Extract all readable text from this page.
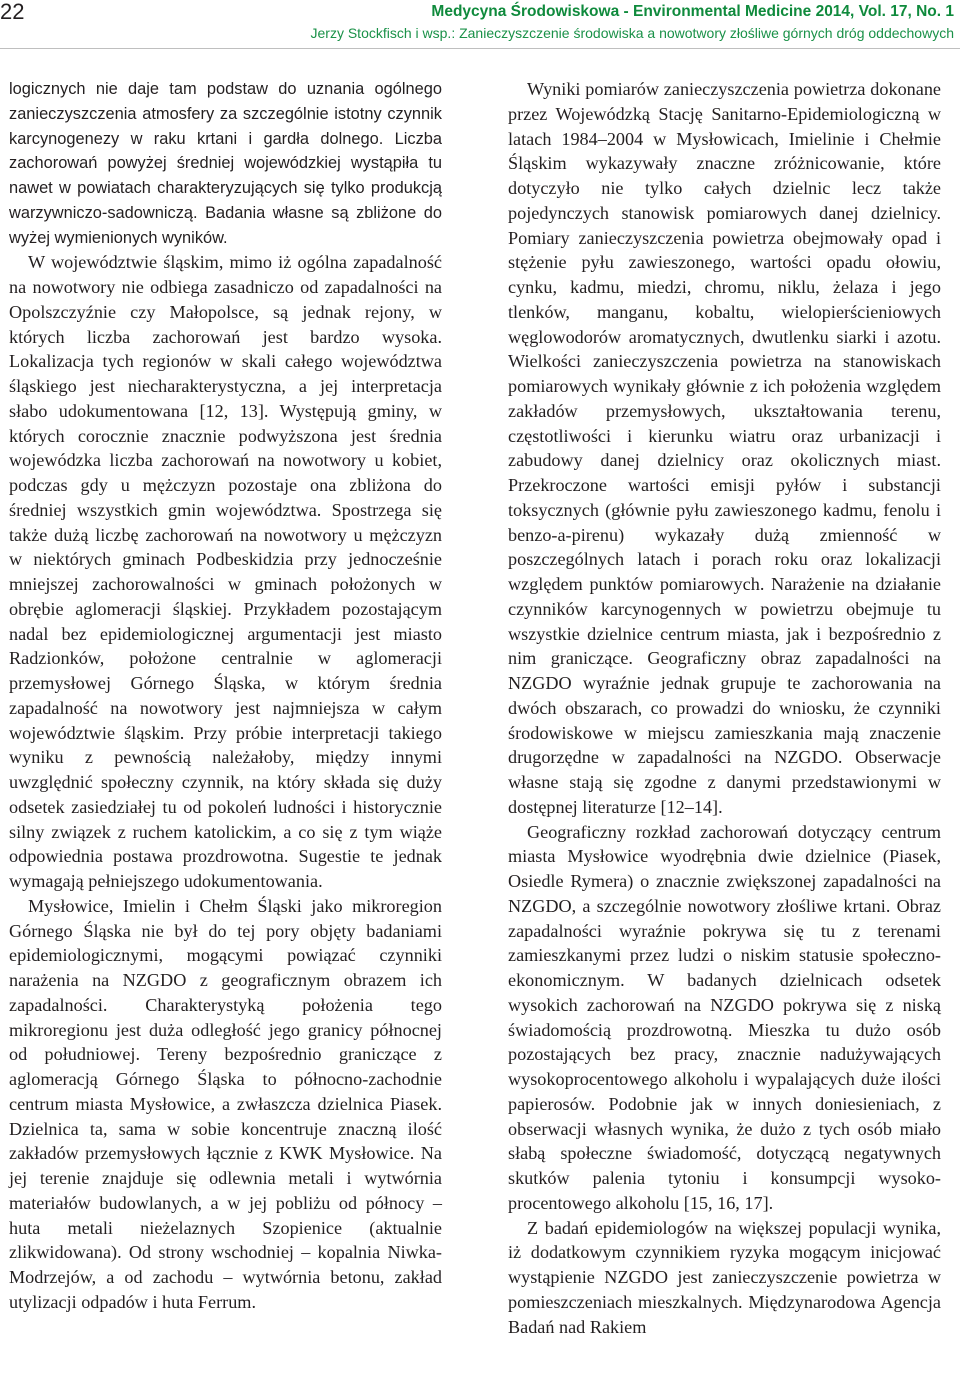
22	Medycyna Środowiskowa - Environmental Medicine 2014, Vol. 17, No. 1
Jerzy Stockfisch i wsp.: Zanieczyszczenie środowiska a nowotwory złośliwe górnych dróg oddechowych

logicznych nie daje tam podstaw do uznania ogólnego zanieczyszczenia atmosfery za szczególnie istotny czynnik karcynogenezy w raku krtani i gardła dolnego. Liczba zachorowań powyżej średniej wojewódzkiej wystąpiła tu nawet w powiatach charakteryzujących się tylko produkcją warzywniczo-sadowniczą. Badania własne są zbliżone do wyżej wymienionych wyników.

W województwie śląskim, mimo iż ogólna zapadalność na nowotwory nie odbiega zasadniczo od zapadalności na Opolszczyźnie czy Małopolsce, są jednak rejony, w których liczba zachorowań jest bardzo wysoka. Lokalizacja tych regionów w skali całego województwa śląskiego jest niecharakterystyczna, a jej interpretacja słabo udokumentowana [12, 13]. Występują gminy, w których corocznie znacznie podwyższona jest średnia wojewódzka liczba zachorowań na nowotwory u kobiet, podczas gdy u mężczyzn pozostaje ona zbliżona do średniej wszystkich gmin województwa. Spostrzega się także dużą liczbę zachorowań na nowotwory u mężczyzn w niektórych gminach Podbeskidzia przy jednocześnie mniejszej zachorowalności w gminach położonych w obrębie aglomeracji śląskiej. Przykładem pozostającym nadal bez epidemiologicznej argumentacji jest miasto Radzionków, położone centralnie w aglomeracji przemysłowej Górnego Śląska, w którym średnia zapadalność na nowotwory jest najmniejsza w całym województwie śląskim. Przy próbie interpretacji takiego wyniku z pewnością należałoby, między innymi uwzględnić społeczny czynnik, na który składa się duży odsetek zasiedziałej tu od pokoleń ludności i historycznie silny związek z ruchem katolickim, a co się z tym wiąże odpowiednia postawa prozdrowotna. Sugestie te jednak wymagają pełniejszego udokumentowania.

Mysłowice, Imielin i Chełm Śląski jako mikroregion Górnego Śląska nie był do tej pory objęty badaniami epidemiologicznymi, mogącymi powiązać czynniki narażenia na NZGDO z geograficznym obrazem ich zapadalności. Charakterystyką położenia tego mikroregionu jest duża odległość jego granicy północnej od południowej. Tereny bezpośrednio graniczące z aglomeracją Górnego Śląska to północno-zachodnie centrum miasta Mysłowice, a zwłaszcza dzielnica Piasek. Dzielnica ta, sama w sobie koncentruje znaczną ilość zakładów przemysłowych łącznie z KWK Mysłowice. Na jej terenie znajduje się odlewnia metali i wytwórnia materiałów budowlanych, a w jej pobliżu od północy – huta metali nieżelaznych Szopienice (aktualnie zlikwidowana). Od strony wschodniej – kopalnia Niwka-Modrzejów, a od zachodu – wytwórnia betonu, zakład utylizacji odpadów i huta Ferrum.

Wyniki pomiarów zanieczyszczenia powietrza dokonane przez Wojewódzką Stację Sanitarno-Epidemiologiczną w latach 1984–2004 w Mysłowicach, Imielinie i Chełmie Śląskim wykazywały znaczne zróżnicowanie, które dotyczyło nie tylko całych dzielnic lecz także pojedynczych stanowisk pomiarowych danej dzielnicy. Pomiary zanieczyszczenia powietrza obejmowały opad i stężenie pyłu zawieszonego, wartości opadu ołowiu, cynku, kadmu, miedzi, chromu, niklu, żelaza i jego tlenków, manganu, kobaltu, wielopierścieniowych węglowodorów aromatycznych, dwutlenku siarki i azotu. Wielkości zanieczyszczenia powietrza na stanowiskach pomiarowych wynikały głównie z ich położenia względem zakładów przemysłowych, ukształtowania terenu, częstotliwości i kierunku wiatru oraz urbanizacji i zabudowy danej dzielnicy oraz okolicznych miast. Przekroczone wartości emisji pyłów i substancji toksycznych (głównie pyłu zawieszonego kadmu, fenolu i benzo-a-pirenu) wykazały dużą zmienność w poszczególnych latach i porach roku oraz lokalizacji względem punktów pomiarowych. Narażenie na działanie czynników karcynogennych w powietrzu obejmuje tu wszystkie dzielnice centrum miasta, jak i bezpośrednio z nim graniczące. Geograficzny obraz zapadalności na NZGDO wyraźnie jednak grupuje te zachorowania na dwóch obszarach, co prowadzi do wniosku, że czynniki środowiskowe w miejscu zamieszkania mają znaczenie drugorzędne w zapadalności na NZGDO. Obserwacje własne stają się zgodne z danymi przedstawionymi w dostępnej literaturze [12–14].

Geograficzny rozkład zachorowań dotyczący centrum miasta Mysłowice wyodrębnia dwie dzielnice (Piasek, Osiedle Rymera) o znacznie zwiększonej zapadalności na NZGDO, a szczególnie nowotwory złośliwe krtani. Obraz zapadalności wyraźnie pokrywa się tu z terenami zamieszkanymi przez ludzi o niskim statusie społeczno-ekonomicznym. W badanych dzielnicach odsetek wysokich zachorowań na NZGDO pokrywa się z niską świadomością prozdrowotną. Mieszka tu dużo osób pozostających bez pracy, znacznie nadużywających wysokoprocentowego alkoholu i wypalających duże ilości papierosów. Podobnie jak w innych doniesieniach, z obserwacji własnych wynika, że dużo z tych osób miało słabą społeczne świadomość, dotyczącą negatywnych skutków palenia tytoniu i konsumpcji wysoko-procentowego alkoholu [15, 16, 17].

Z badań epidemiologów na większej populacji wynika, iż dodatkowym czynnikiem ryzyka mogącym inicjować wystąpienie NZGDO jest zanieczyszczenie powietrza w pomieszczeniach mieszkalnych. Międzynarodowa Agencja Badań nad Rakiem
